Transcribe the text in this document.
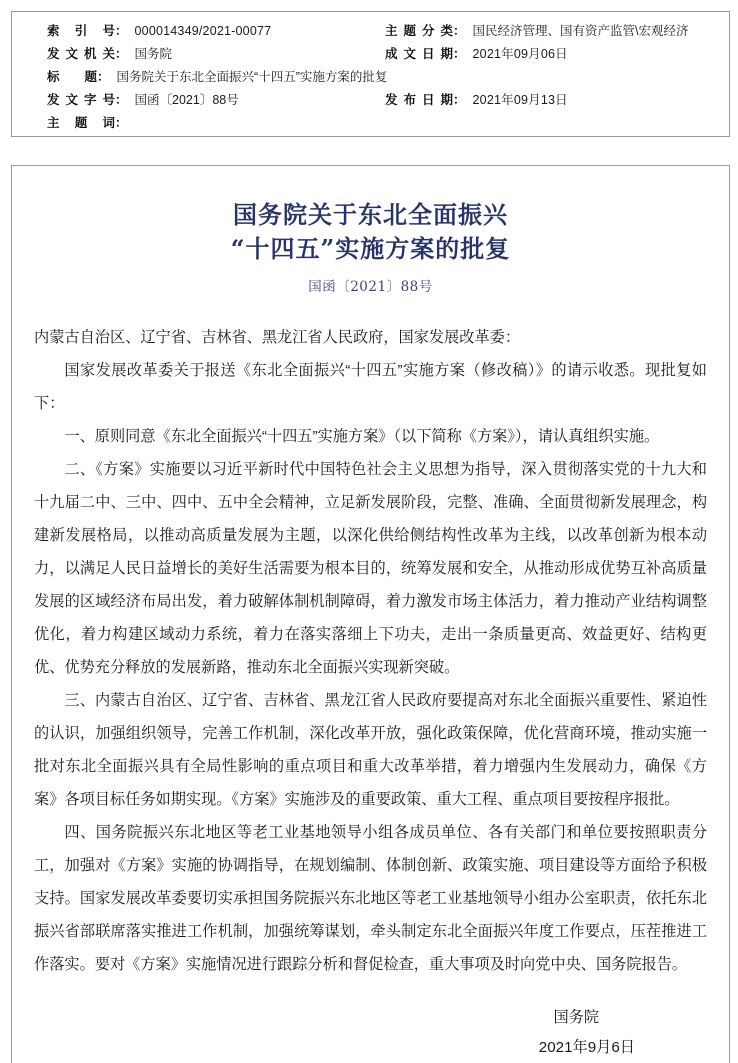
索 引 号 ： 000014349/2021-00077	主题分类 ： 国民经济管理、国有资产监管\宏观经济
发文机关 ： 国务院	成文日期 ： 2021年09月06日
标　　题 ： 国务院关于东北全面振兴“十四五”实施方案的批复
发文字号 ： 国函〔2021〕88号	发布日期 ： 2021年09月13日
主 题 词 ：
国务院关于东北全面振兴
“十四五”实施方案的批复
国函〔2021〕88号

内蒙古自治区、辽宁省、吉林省、黑龙江省人民政府，国家发展改革委：

国家发展改革委关于报送《东北全面振兴“十四五”实施方案（修改稿）》的请示收悉。现批复如下：

一、原则同意《东北全面振兴“十四五”实施方案》（以下简称《方案》），请认真组织实施。

二、《方案》实施要以习近平新时代中国特色社会主义思想为指导，深入贯彻落实党的十九大和十九届二中、三中、四中、五中全会精神，立足新发展阶段，完整、准确、全面贯彻新发展理念，构建新发展格局，以推动高质量发展为主题，以深化供给侧结构性改革为主线，以改革创新为根本动力，以满足人民日益增长的美好生活需要为根本目的，统筹发展和安全，从推动形成优势互补高质量发展的区域经济布局出发，着力破解体制机制障碍，着力激发市场主体活力，着力推动产业结构调整优化，着力构建区域动力系统，着力在落实落细上下功夫，走出一条质量更高、效益更好、结构更优、优势充分释放的发展新路，推动东北全面振兴实现新突破。

三、内蒙古自治区、辽宁省、吉林省、黑龙江省人民政府要提高对东北全面振兴重要性、紧迫性的认识，加强组织领导，完善工作机制，深化改革开放，强化政策保障，优化营商环境，推动实施一批对东北全面振兴具有全局性影响的重点项目和重大改革举措，着力增强内生发展动力，确保《方案》各项目标任务如期实现。《方案》实施涉及的重要政策、重大工程、重点项目要按程序报批。

四、国务院振兴东北地区等老工业基地领导小组各成员单位、各有关部门和单位要按照职责分工，加强对《方案》实施的协调指导，在规划编制、体制创新、政策实施、项目建设等方面给予积极支持。国家发展改革委要切实承担国务院振兴东北地区等老工业基地领导小组办公室职责，依托东北振兴省部联席落实推进工作机制，加强统筹谋划，牵头制定东北全面振兴年度工作要点，压茬推进工作落实。要对《方案》实施情况进行跟踪分析和督促检查，重大事项及时向党中央、国务院报告。

国务院
2021年9月6日
